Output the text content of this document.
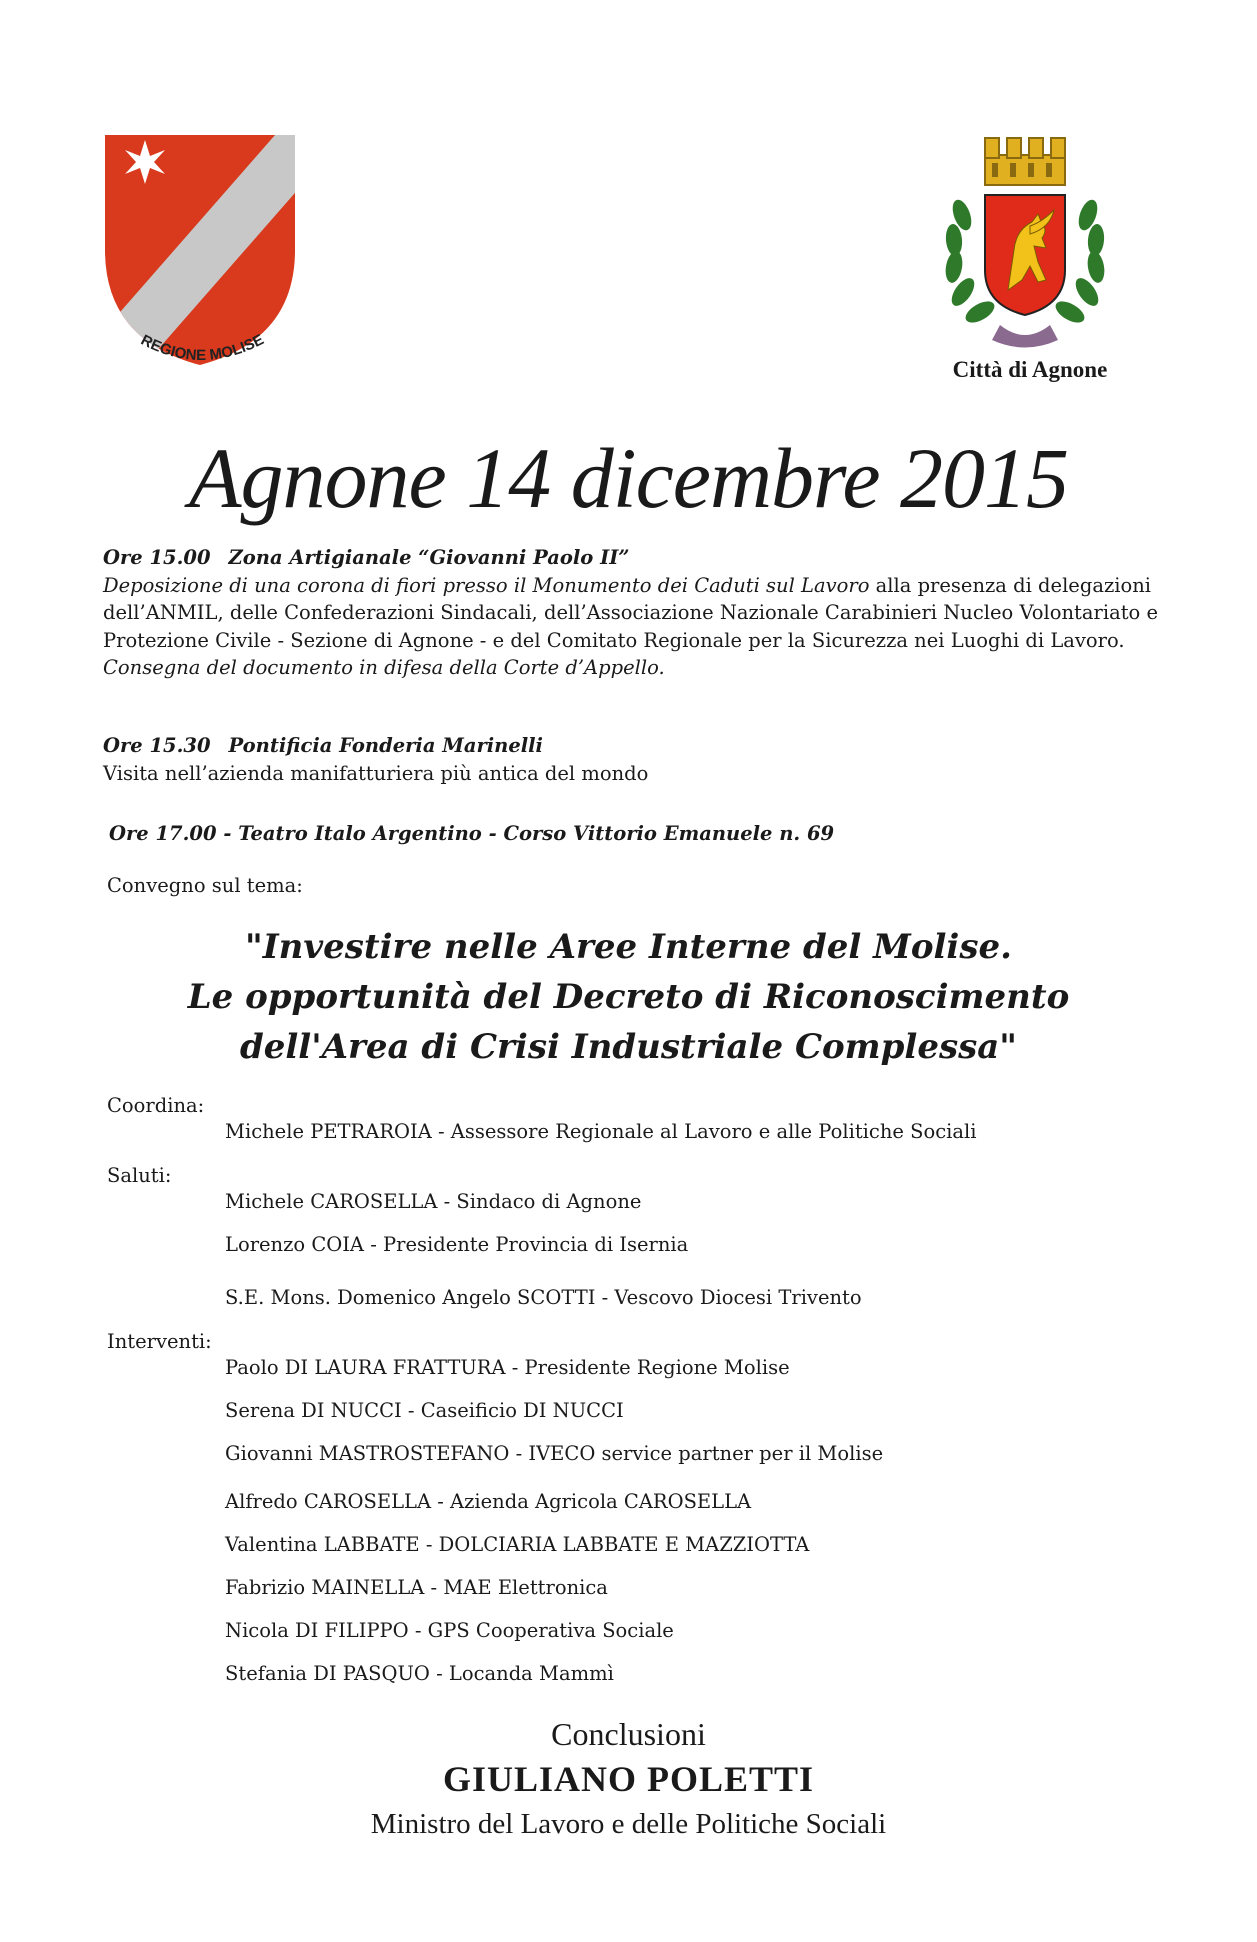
REGIONE MOLISE
Città di Agnone
Agnone 14 dicembre 2015
Ore 15.00 Zona Artigianale “Giovanni Paolo II”
Deposizione di una corona di fiori presso il Monumento dei Caduti sul Lavoro alla presenza di delegazioni dell’ANMIL, delle Confederazioni Sindacali, dell’Associazione Nazionale Carabinieri Nucleo Volontariato e Protezione Civile - Sezione di Agnone - e del Comitato Regionale per la Sicurezza nei Luoghi di Lavoro.
Consegna del documento in difesa della Corte d’Appello.
Ore 15.30 Pontificia Fonderia Marinelli
Visita nell’azienda manifatturiera più antica del mondo
Ore 17.00 - Teatro Italo Argentino - Corso Vittorio Emanuele n. 69
Convegno sul tema:
"Investire nelle Aree Interne del Molise.
Le opportunità del Decreto di Riconoscimento
dell'Area di Crisi Industriale Complessa"
Coordina:
Michele PETRAROIA - Assessore Regionale al Lavoro e alle Politiche Sociali
Saluti:
Michele CAROSELLA - Sindaco di Agnone
Lorenzo COIA - Presidente Provincia di Isernia
S.E. Mons. Domenico Angelo SCOTTI - Vescovo Diocesi Trivento
Interventi:
Paolo DI LAURA FRATTURA - Presidente Regione Molise
Serena DI NUCCI - Caseificio DI NUCCI
Giovanni MASTROSTEFANO - IVECO service partner per il Molise
Alfredo CAROSELLA - Azienda Agricola CAROSELLA
Valentina LABBATE - DOLCIARIA LABBATE E MAZZIOTTA
Fabrizio MAINELLA - MAE Elettronica
Nicola DI FILIPPO - GPS Cooperativa Sociale
Stefania DI PASQUO - Locanda Mammì
Conclusioni
GIULIANO POLETTI
Ministro del Lavoro e delle Politiche Sociali
